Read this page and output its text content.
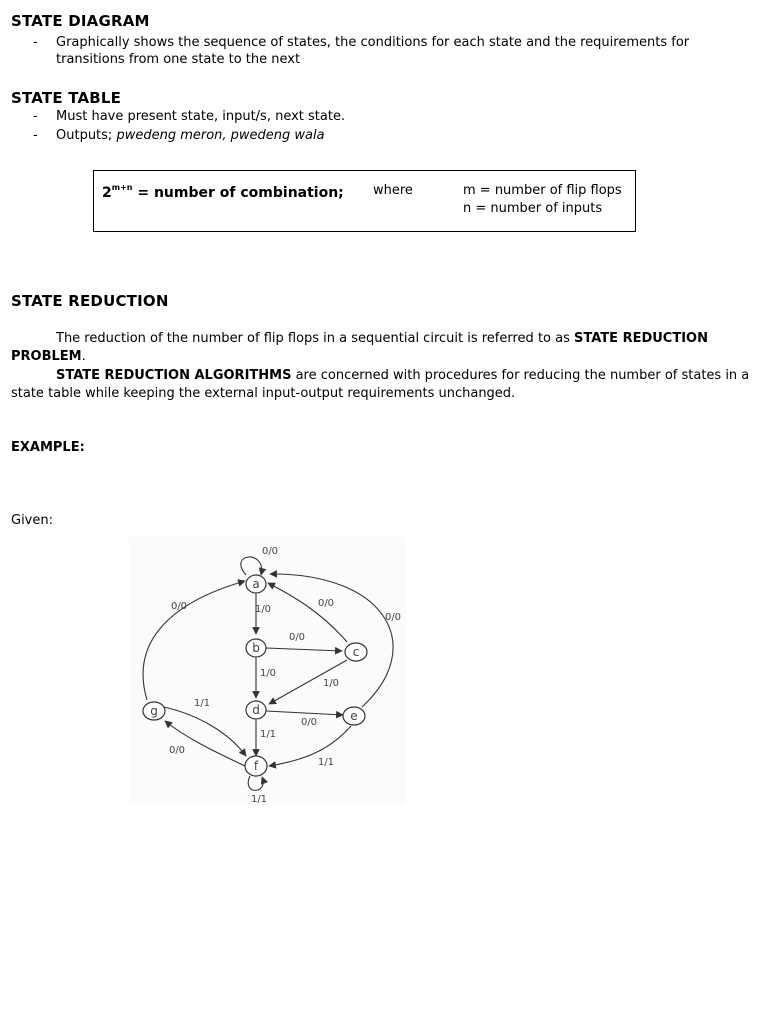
STATE DIAGRAM
- Graphically shows the sequence of states, the conditions for each state and the requirements for transitions from one state to the next
STATE TABLE
- Must have present state, input/s, next state.
- Outputs; pwedeng meron, pwedeng wala
$2^{m+n}$ = number of combination; where	m = number of flip flops
n = number of inputs
STATE REDUCTION

The reduction of the number of flip flops in a sequential circuit is referred to as STATE REDUCTION PROBLEM.

STATE REDUCTION ALGORITHMS are concerned with procedures for reducing the number of states in a state table while keeping the external input-output requirements unchanged.

EXAMPLE:
Given:
a
b	c
d	e
f
g
0/0
1/0
0/0
1/0
0/0
1/0
0/0
1/1
0/0
1/1
1/1
0/0
0/0
1/1
